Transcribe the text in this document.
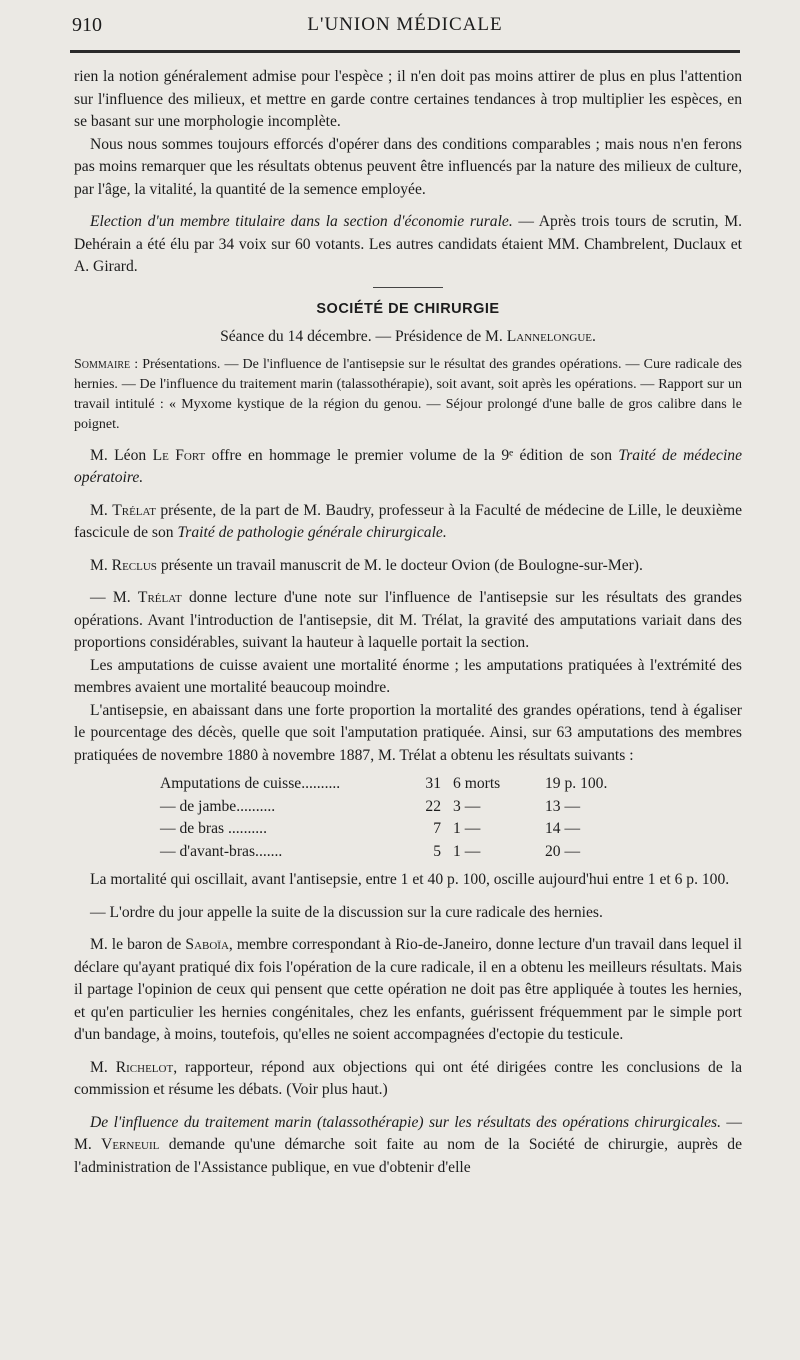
910	L'UNION MÉDICALE

rien la notion généralement admise pour l'espèce ; il n'en doit pas moins attirer de plus en plus l'attention sur l'influence des milieux, et mettre en garde contre certaines tendances à trop multiplier les espèces, en se basant sur une morphologie incomplète.

Nous nous sommes toujours efforcés d'opérer dans des conditions comparables ; mais nous n'en ferons pas moins remarquer que les résultats obtenus peuvent être influencés par la nature des milieux de culture, par l'âge, la vitalité, la quantité de la semence employée.

Election d'un membre titulaire dans la section d'économie rurale. — Après trois tours de scrutin, M. Dehérain a été élu par 34 voix sur 60 votants. Les autres candidats étaient MM. Chambrelent, Duclaux et A. Girard.

SOCIÉTÉ DE CHIRURGIE

Séance du 14 décembre. — Présidence de M. Lannelongue.

Sommaire : Présentations. — De l'influence de l'antisepsie sur le résultat des grandes opérations. — Cure radicale des hernies. — De l'influence du traitement marin (talassothérapie), soit avant, soit après les opérations. — Rapport sur un travail intitulé : « Myxome kystique de la région du genou. — Séjour prolongé d'une balle de gros calibre dans le poignet.

M. Léon Le Fort offre en hommage le premier volume de la 9ᵉ édition de son Traité de médecine opératoire.

M. Trélat présente, de la part de M. Baudry, professeur à la Faculté de médecine de Lille, le deuxième fascicule de son Traité de pathologie générale chirurgicale.

M. Reclus présente un travail manuscrit de M. le docteur Ovion (de Boulogne-sur-Mer).

— M. Trélat donne lecture d'une note sur l'influence de l'antisepsie sur les résultats des grandes opérations. Avant l'introduction de l'antisepsie, dit M. Trélat, la gravité des amputations variait dans des proportions considérables, suivant la hauteur à laquelle portait la section.

Les amputations de cuisse avaient une mortalité énorme ; les amputations pratiquées à l'extrémité des membres avaient une mortalité beaucoup moindre.

L'antisepsie, en abaissant dans une forte proportion la mortalité des grandes opérations, tend à égaliser le pourcentage des décès, quelle que soit l'amputation pratiquée. Ainsi, sur 63 amputations des membres pratiquées de novembre 1880 à novembre 1887, M. Trélat a obtenu les résultats suivants :

Amputations de cuisse..........	31	6 morts	19 p. 100.
— de jambe..........	22	3 —	13 —
— de bras ..........	7	1 —	14 —
— d'avant-bras.......	5	1 —	20 —

La mortalité qui oscillait, avant l'antisepsie, entre 1 et 40 p. 100, oscille aujourd'hui entre 1 et 6 p. 100.

— L'ordre du jour appelle la suite de la discussion sur la cure radicale des hernies.

M. le baron de Saboïa, membre correspondant à Rio-de-Janeiro, donne lecture d'un travail dans lequel il déclare qu'ayant pratiqué dix fois l'opération de la cure radicale, il en a obtenu les meilleurs résultats. Mais il partage l'opinion de ceux qui pensent que cette opération ne doit pas être appliquée à toutes les hernies, et qu'en particulier les hernies congénitales, chez les enfants, guérissent fréquemment par le simple port d'un bandage, à moins, toutefois, qu'elles ne soient accompagnées d'ectopie du testicule.

M. Richelot, rapporteur, répond aux objections qui ont été dirigées contre les conclusions de la commission et résume les débats. (Voir plus haut.)

De l'influence du traitement marin (talassothérapie) sur les résultats des opérations chirurgicales. — M. Verneuil demande qu'une démarche soit faite au nom de la Société de chirurgie, auprès de l'administration de l'Assistance publique, en vue d'obtenir d'elle
